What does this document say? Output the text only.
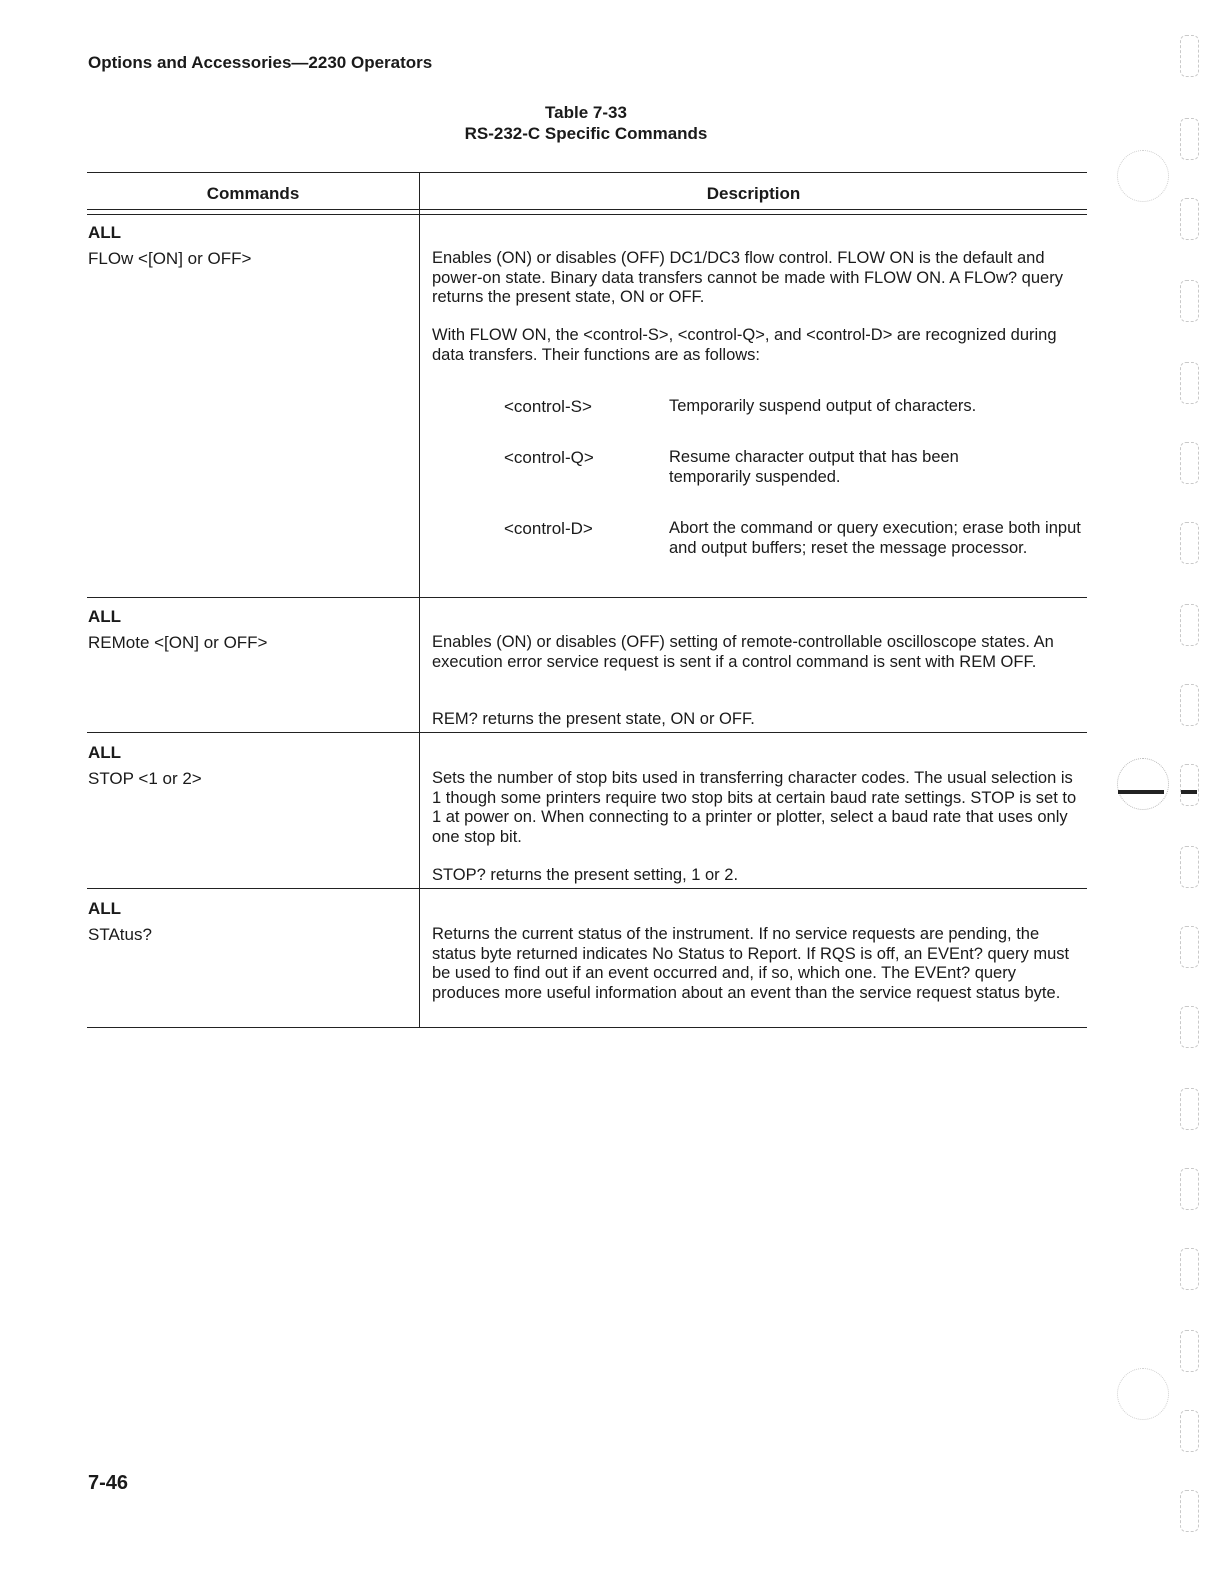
Options and Accessories—2230 Operators
Table 7-33
RS-232-C Specific Commands
Commands	Description
ALL
FLOw <[ON] or OFF>	Enables (ON) or disables (OFF) DC1/DC3 flow control. FLOW ON is the default and power-on state. Binary data transfers cannot be made with FLOW ON. A FLOw? query returns the present state, ON or OFF.

With FLOW ON, the <control-S>, <control-Q>, and <control-D> are recognized during data transfers. Their functions are as follows:

<control-S>	Temporarily suspend output of characters.
<control-Q>	Resume character output that has been temporarily suspended.
<control-D>	Abort the command or query execution; erase both input and output buffers; reset the message processor.
ALL
REMote <[ON] or OFF>	Enables (ON) or disables (OFF) setting of remote-controllable oscilloscope states. An execution error service request is sent if a control command is sent with REM OFF.

REM? returns the present state, ON or OFF.

ALL
STOP <1 or 2>	Sets the number of stop bits used in transferring character codes. The usual selection is 1 though some printers require two stop bits at certain baud rate settings. STOP is set to 1 at power on. When connecting to a printer or plotter, select a baud rate that uses only one stop bit.

STOP? returns the present setting, 1 or 2.

ALL
STAtus?	Returns the current status of the instrument. If no service requests are pending, the status byte returned indicates No Status to Report. If RQS is off, an EVEnt? query must be used to find out if an event occurred and, if so, which one. The EVEnt? query produces more useful information about an event than the service request status byte.

7-46
